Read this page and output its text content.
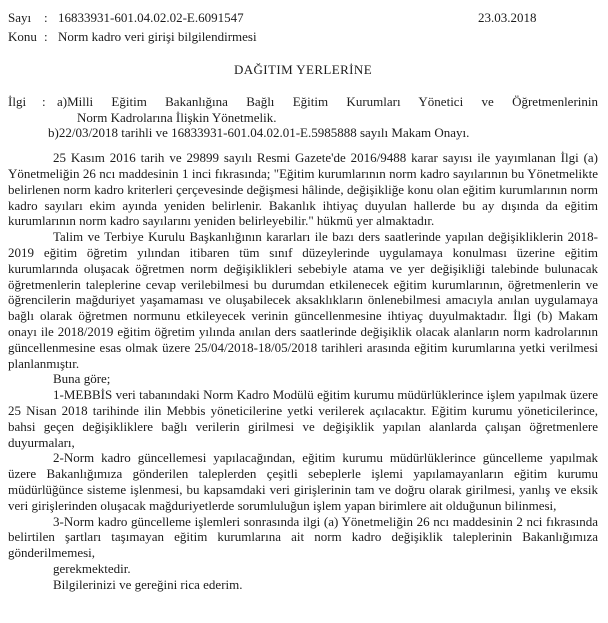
Sayı : 16833931-601.04.02.02-E.6091547	23.03.2018
Konu : Norm kadro veri girişi bilgilendirmesi
DAĞITIM YERLERİNE
İlgi	: a)Milli Eğitim Bakanlığına Bağlı Eğitim Kurumları Yönetici ve Öğretmenlerinin
Norm Kadrolarına İlişkin Yönetmelik.
b)22/03/2018 tarihli ve 16833931-601.04.02.01-E.5985888 sayılı Makam Onayı.

25 Kasım 2016 tarih ve 29899 sayılı Resmi Gazete'de 2016/9488 karar sayısı ile yayımlanan İlgi (a) Yönetmeliğin 26 ncı maddesinin 1 inci fıkrasında; "Eğitim kurumlarının norm kadro sayılarının bu Yönetmelikte belirlenen norm kadro kriterleri çerçevesinde değişmesi hâlinde, değişikliğe konu olan eğitim kurumlarının norm kadro sayıları ekim ayında yeniden belirlenir. Bakanlık ihtiyaç duyulan hallerde bu ay dışında da eğitim kurumlarının norm kadro sayılarını yeniden belirleyebilir." hükmü yer almaktadır.

Talim ve Terbiye Kurulu Başkanlığının kararları ile bazı ders saatlerinde yapılan değişikliklerin 2018-2019 eğitim öğretim yılından itibaren tüm sınıf düzeylerinde uygulamaya konulması üzerine eğitim kurumlarında oluşacak öğretmen norm değişiklikleri sebebiyle atama ve yer değişikliği talebinde bulunacak öğretmenlerin taleplerine cevap verilebilmesi bu durumdan etkilenecek eğitim kurumlarının, öğretmenlerin ve öğrencilerin mağduriyet yaşamaması ve oluşabilecek aksaklıkların önlenebilmesi amacıyla anılan uygulamaya bağlı olarak öğretmen normunu etkileyecek verinin güncellenmesine ihtiyaç duyulmaktadır. İlgi (b) Makam onayı ile 2018/2019 eğitim öğretim yılında anılan ders saatlerinde değişiklik olacak alanların norm kadrolarının güncellenmesine esas olmak üzere 25/04/2018-18/05/2018 tarihleri arasında eğitim kurumlarına yetki verilmesi planlanmıştır.

Buna göre;

1-MEBBİS veri tabanındaki Norm Kadro Modülü eğitim kurumu müdürlüklerince işlem yapılmak üzere 25 Nisan 2018 tarihinde ilin Mebbis yöneticilerine yetki verilerek açılacaktır. Eğitim kurumu yöneticilerince, bahsi geçen değişikliklere bağlı verilerin girilmesi ve değişiklik yapılan alanlarda çalışan öğretmenlere duyurmaları,

2-Norm kadro güncellemesi yapılacağından, eğitim kurumu müdürlüklerince güncelleme yapılmak üzere Bakanlığımıza gönderilen taleplerden çeşitli sebeplerle işlemi yapılamayanların eğitim kurumu müdürlüğünce sisteme işlenmesi, bu kapsamdaki veri girişlerinin tam ve doğru olarak girilmesi, yanlış ve eksik veri girişlerinden oluşacak mağduriyetlerde sorumluluğun işlem yapan birimlere ait olduğunun bilinmesi,

3-Norm kadro güncelleme işlemleri sonrasında ilgi (a) Yönetmeliğin 26 ncı maddesinin 2 nci fıkrasında belirtilen şartları taşımayan eğitim kurumlarına ait norm kadro değişiklik taleplerinin Bakanlığımıza gönderilmemesi,

gerekmektedir.

Bilgilerinizi ve gereğini rica ederim.
